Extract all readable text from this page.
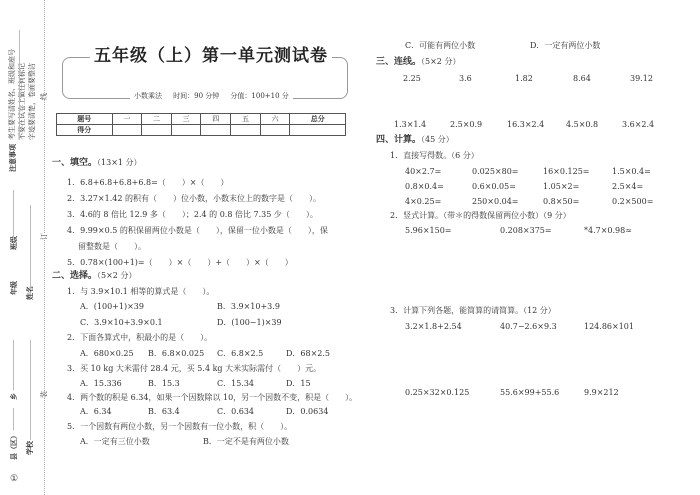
注意事项
考生要写清姓名、班级和座号 不要在试卷上做任何标记 字迹要清楚，卷面要整洁
班级
年级 姓名
乡
县（区） 学校
①
线
订
装
五年级（上）第一单元测试卷
小数乘法 时间：90 分钟 分值：100+10 分
题号	一	二	三	四	五	六	总分
得分							
一、填空。（13×1 分）
1．6.8+6.8+6.8+6.8=（　　）×（　　）
2．3.27×1.42 的积有（　　）位小数，小数末位上的数字是（　　）。
3．4.6的 8 倍比 12.9 多（　　）；2.4 的 0.8 倍比 7.35 少（　　）。
4．9.99×0.5 的积保留两位小数是（　　），保留一位小数是（　　），保
留整数是（　　）。
5．0.78×(100+1)=（　　）×（　　）+（　　）×（　　）
二、选择。（5×2 分）
1．与 3.9×10.1 相等的算式是（　　）。
A．(100+1)×39	B．3.9×10+3.9
C．3.9×10+3.9×0.1	D．(100−1)×39
2．下面各算式中，积最小的是（　　）。
A．680×0.25 B．6.8×0.025 C．6.8×2.5	D．68×2.5
3．买 10 kg 大米需付 28.4 元，买 5.4 kg 大米实际需付（　　）元。
A．15.336	B．15.3	C．15.34	D．15
4．两个数的积是 6.34，如果一个因数除以 10，另一个因数不变，积是（　　）。
A．6.34	B．63.4	C．0.634	D．0.0634
5．一个因数有两位小数，另一个因数有一位小数，积（　　）。
A．一定有三位小数	B．一定不是有两位小数
C．可能有两位小数	D．一定有两位小数
三、连线。（5×2 分）
2.25	3.6	1.82	8.64	39.12
1.3×1.4	2.5×0.9	16.3×2.4	4.5×0.8	3.6×2.4
四、计算。（45 分）
1．直接写得数。（6 分）
40×2.7=	0.025×80=	16×0.125=	1.5×0.4=
0.8×0.4=	0.6×0.05=	1.05×2=	2.5×4=
4×0.25=	250×0.04=	0.8×50=	0.2×500=
2．竖式计算。（带＊的得数保留两位小数）（9 分）
5.96×150=	0.208×375=	*4.7×0.98≈
3．计算下列各题，能简算的请简算。（12 分）
3.2×1.8+2.54	40.7−2.6×9.3	124.86×101
0.25×32×0.125	55.6×99+55.6	9.9×212
